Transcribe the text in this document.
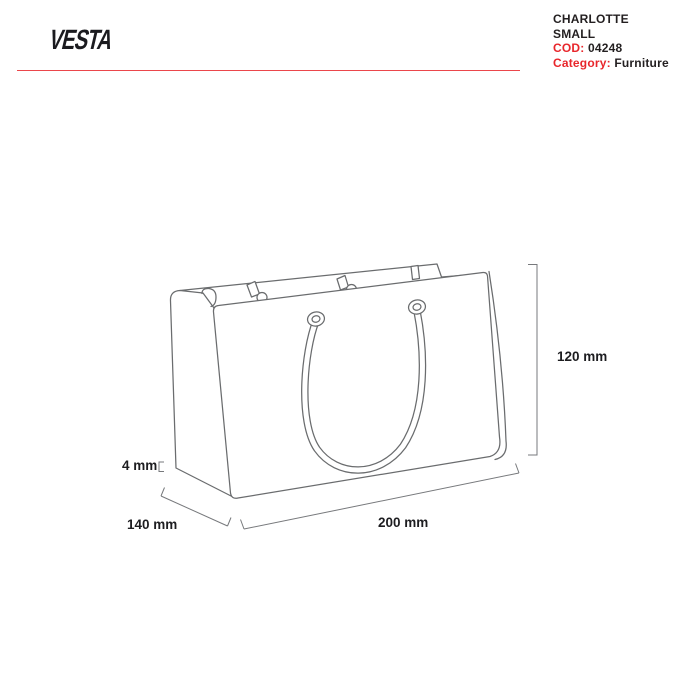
VESTA
CHARLOTTE
SMALL
COD: 04248
Category: Furniture
120 mm
200 mm
140 mm
4 mm
